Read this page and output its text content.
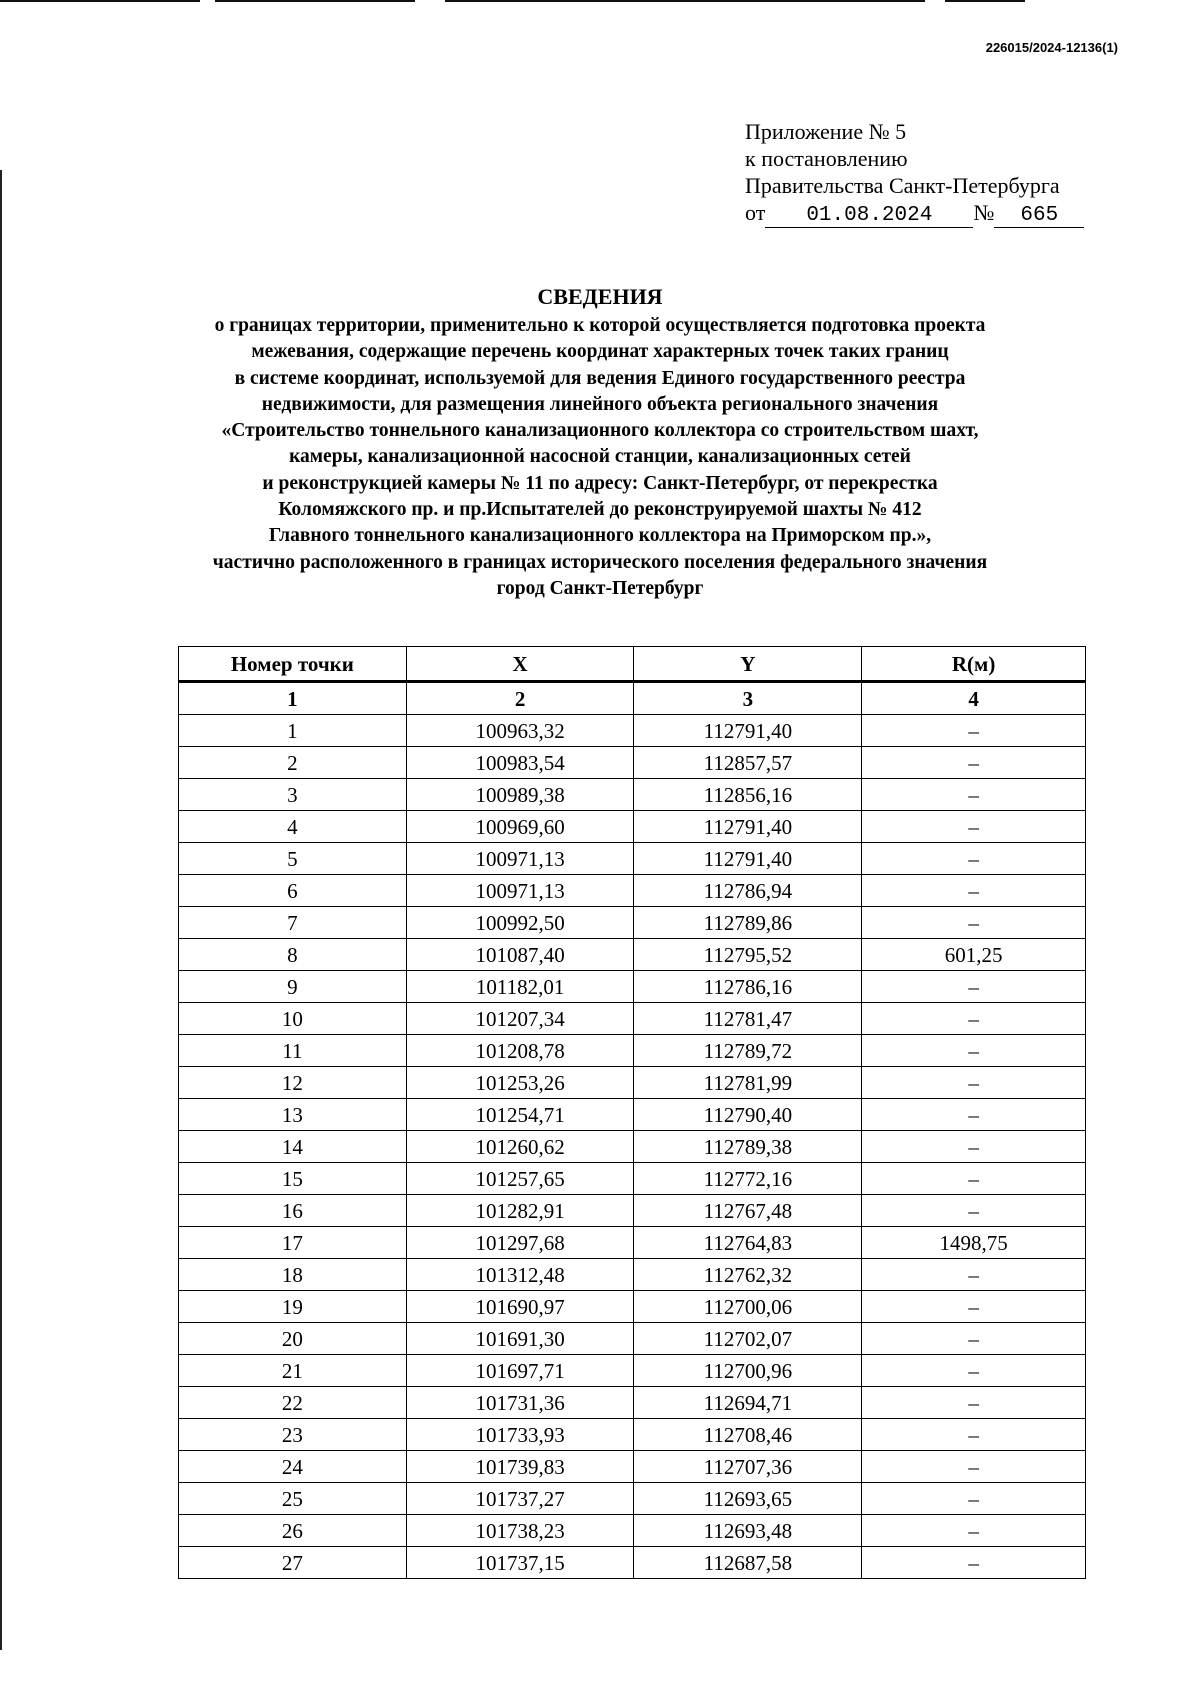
226015/2024-12136(1)
Приложение № 5
к постановлению
Правительства Санкт-Петербурга
от 01.08.2024 № 665
СВЕДЕНИЯ
о границах территории, применительно к которой осуществляется подготовка проекта
межевания, содержащие перечень координат характерных точек таких границ
в системе координат, используемой для ведения Единого государственного реестра
недвижимости, для размещения линейного объекта регионального значения
«Строительство тоннельного канализационного коллектора со строительством шахт,
камеры, канализационной насосной станции, канализационных сетей
и реконструкцией камеры № 11 по адресу: Санкт-Петербург, от перекрестка
Коломяжского пр. и пр.Испытателей до реконструируемой шахты № 412
Главного тоннельного канализационного коллектора на Приморском пр.»,
частично расположенного в границах исторического поселения федерального значения
город Санкт-Петербург
Номер точки	X	Y	R(м)
1	2	3	4
1	100963,32	112791,40	–
2	100983,54	112857,57	–
3	100989,38	112856,16	–
4	100969,60	112791,40	–
5	100971,13	112791,40	–
6	100971,13	112786,94	–
7	100992,50	112789,86	–
8	101087,40	112795,52	601,25
9	101182,01	112786,16	–
10	101207,34	112781,47	–
11	101208,78	112789,72	–
12	101253,26	112781,99	–
13	101254,71	112790,40	–
14	101260,62	112789,38	–
15	101257,65	112772,16	–
16	101282,91	112767,48	–
17	101297,68	112764,83	1498,75
18	101312,48	112762,32	–
19	101690,97	112700,06	–
20	101691,30	112702,07	–
21	101697,71	112700,96	–
22	101731,36	112694,71	–
23	101733,93	112708,46	–
24	101739,83	112707,36	–
25	101737,27	112693,65	–
26	101738,23	112693,48	–
27	101737,15	112687,58	–
